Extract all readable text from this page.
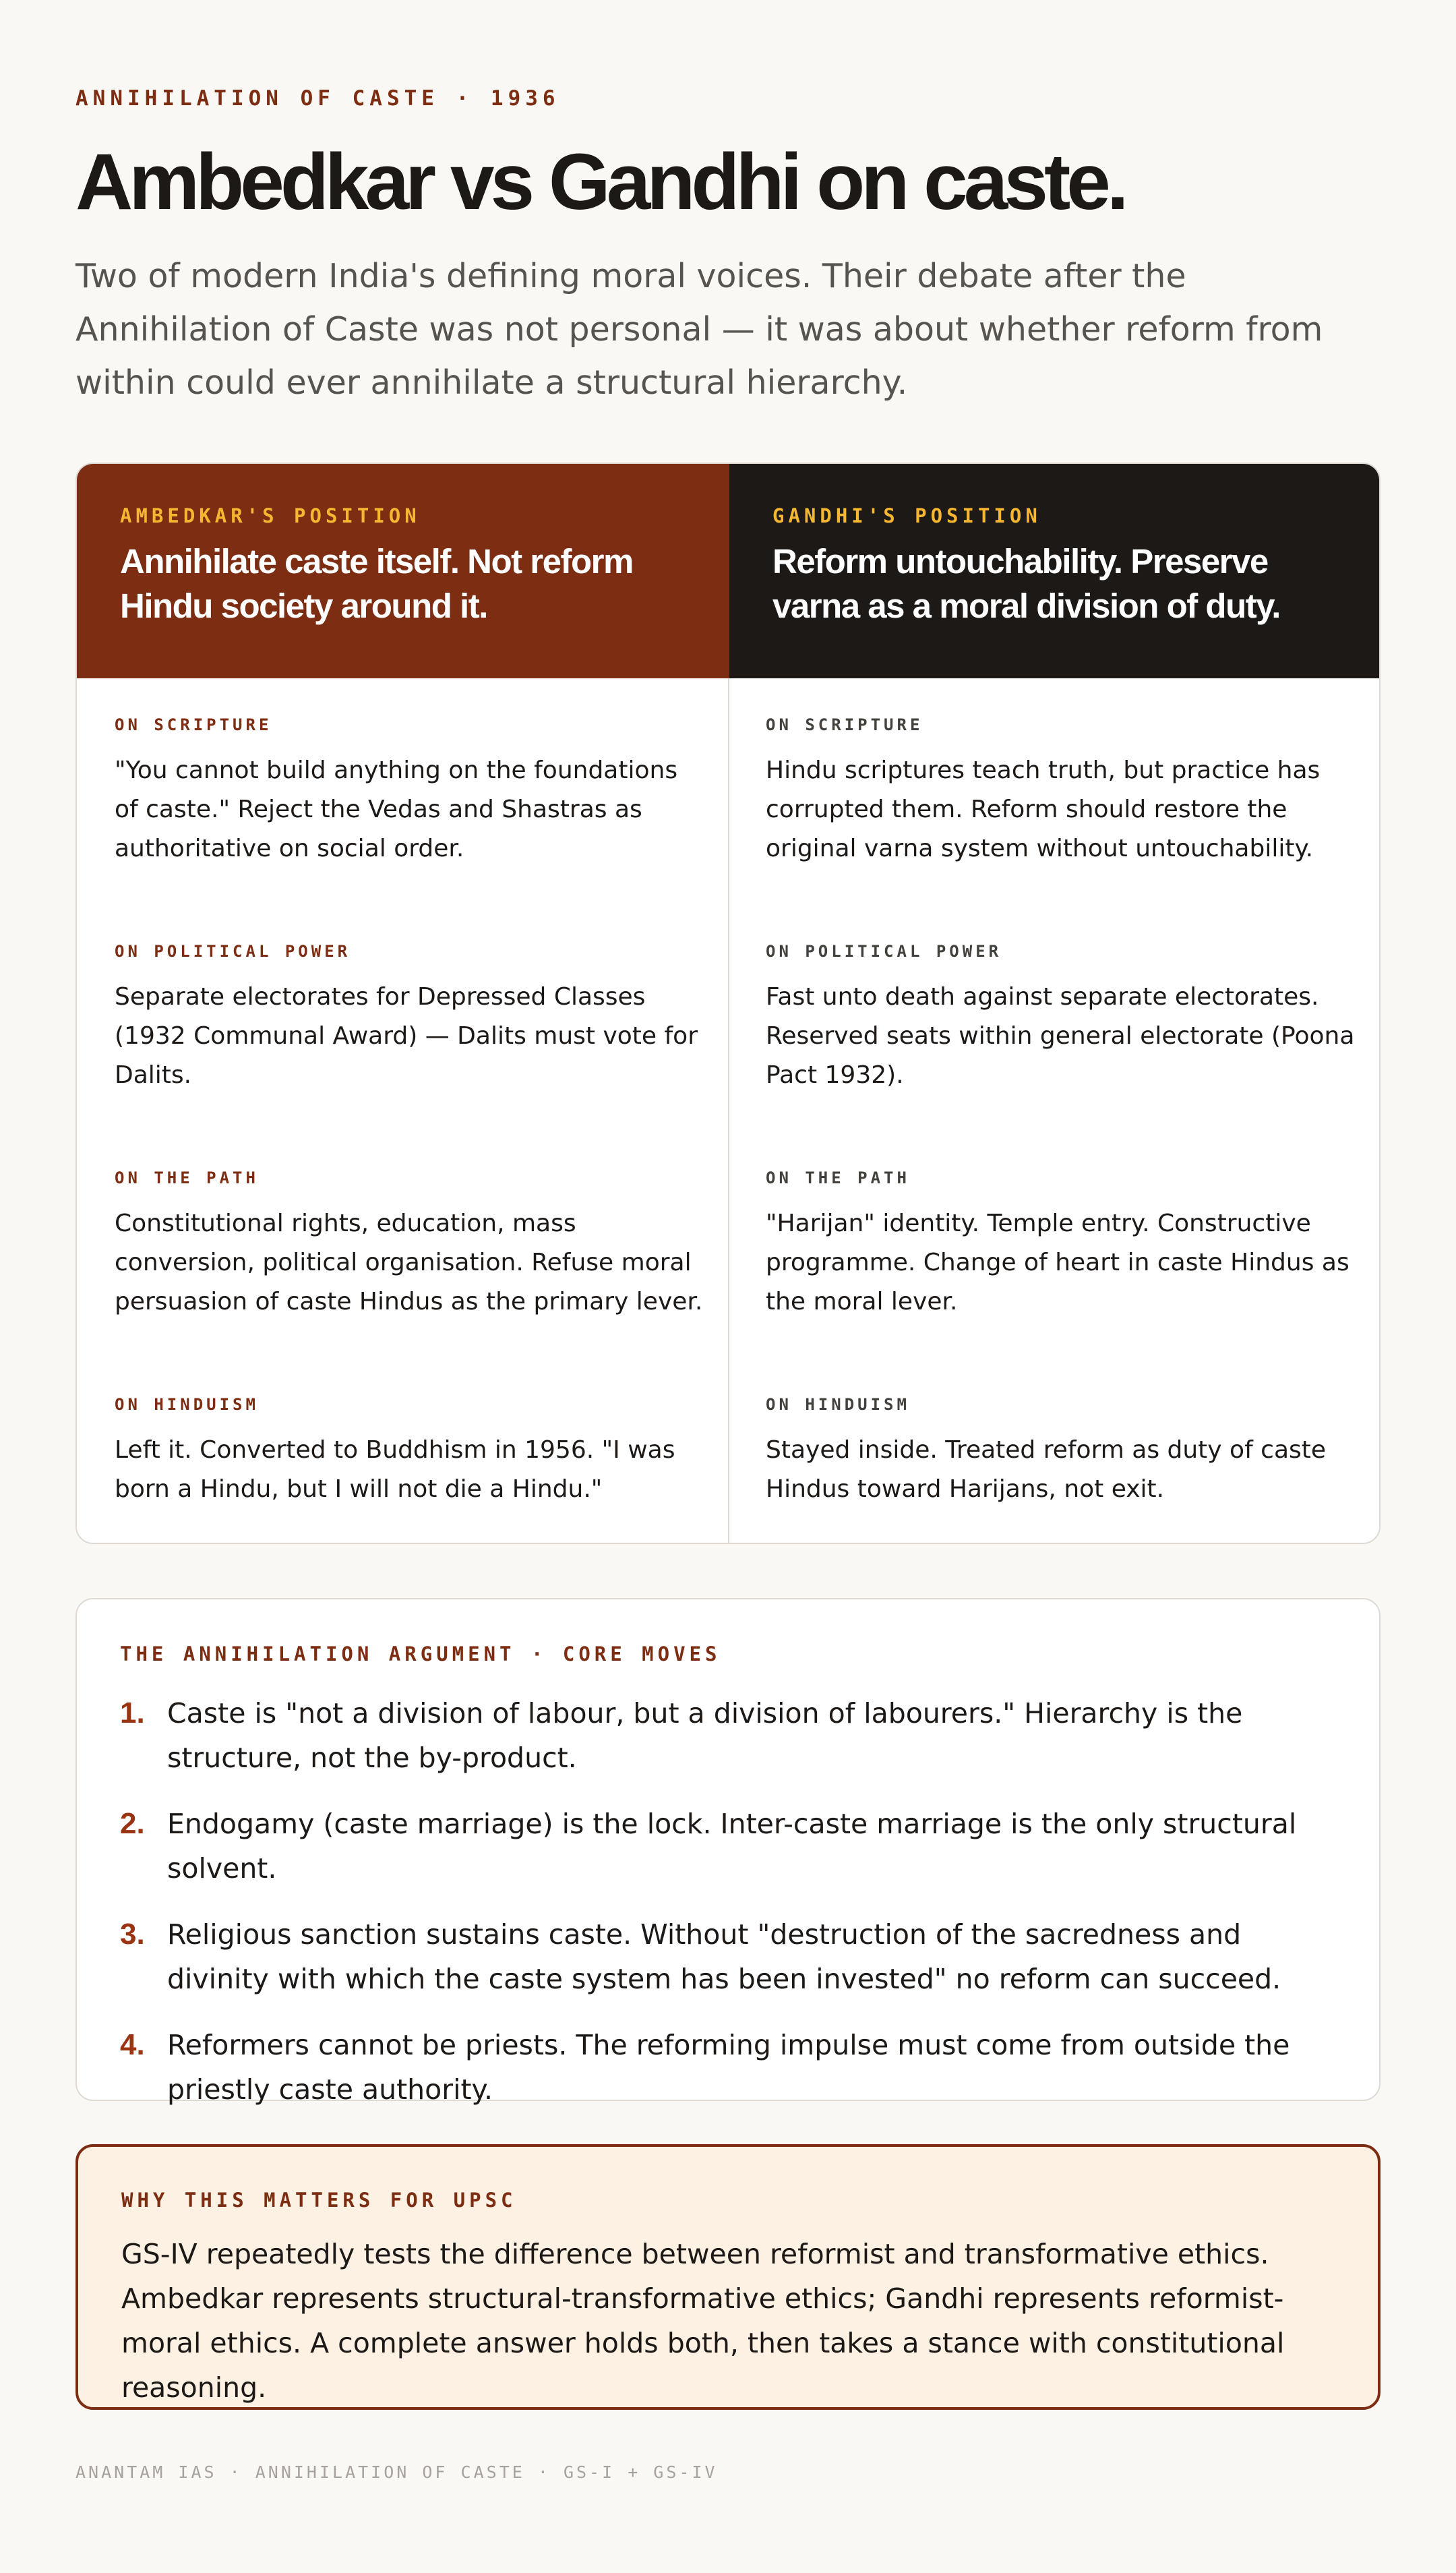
ANNIHILATION OF CASTE · 1936
Ambedkar vs Gandhi on caste.

Two of modern India's defining moral voices. Their debate after the Annihilation of Caste was not personal — it was about whether reform from within could ever annihilate a structural hierarchy.

AMBEDKAR'S POSITION
Annihilate caste itself. Not reform Hindu society around it.
GANDHI'S POSITION
Reform untouchability. Preserve varna as a moral division of duty.
ON SCRIPTURE
"You cannot build anything on the foundations of caste." Reject the Vedas and Shastras as authoritative on social order.
ON SCRIPTURE
Hindu scriptures teach truth, but practice has corrupted them. Reform should restore the original varna system without untouchability.
ON POLITICAL POWER
Separate electorates for Depressed Classes (1932 Communal Award) — Dalits must vote for Dalits.
ON POLITICAL POWER
Fast unto death against separate electorates. Reserved seats within general electorate (Poona Pact 1932).
ON THE PATH
Constitutional rights, education, mass conversion, political organisation. Refuse moral persuasion of caste Hindus as the primary lever.
ON THE PATH
"Harijan" identity. Temple entry. Constructive programme. Change of heart in caste Hindus as the moral lever.
ON HINDUISM
Left it. Converted to Buddhism in 1956. "I was born a Hindu, but I will not die a Hindu."
ON HINDUISM
Stayed inside. Treated reform as duty of caste Hindus toward Harijans, not exit.
THE ANNIHILATION ARGUMENT · CORE MOVES
1. Caste is "not a division of labour, but a division of labourers." Hierarchy is the structure, not the by-product.
2. Endogamy (caste marriage) is the lock. Inter-caste marriage is the only structural solvent.
3. Religious sanction sustains caste. Without "destruction of the sacredness and divinity with which the caste system has been invested" no reform can succeed.
4. Reformers cannot be priests. The reforming impulse must come from outside the priestly caste authority.
WHY THIS MATTERS FOR UPSC
GS-IV repeatedly tests the difference between reformist and transformative ethics. Ambedkar represents structural-transformative ethics; Gandhi represents reformist-moral ethics. A complete answer holds both, then takes a stance with constitutional reasoning.
ANANTAM IAS · ANNIHILATION OF CASTE · GS-I + GS-IV
